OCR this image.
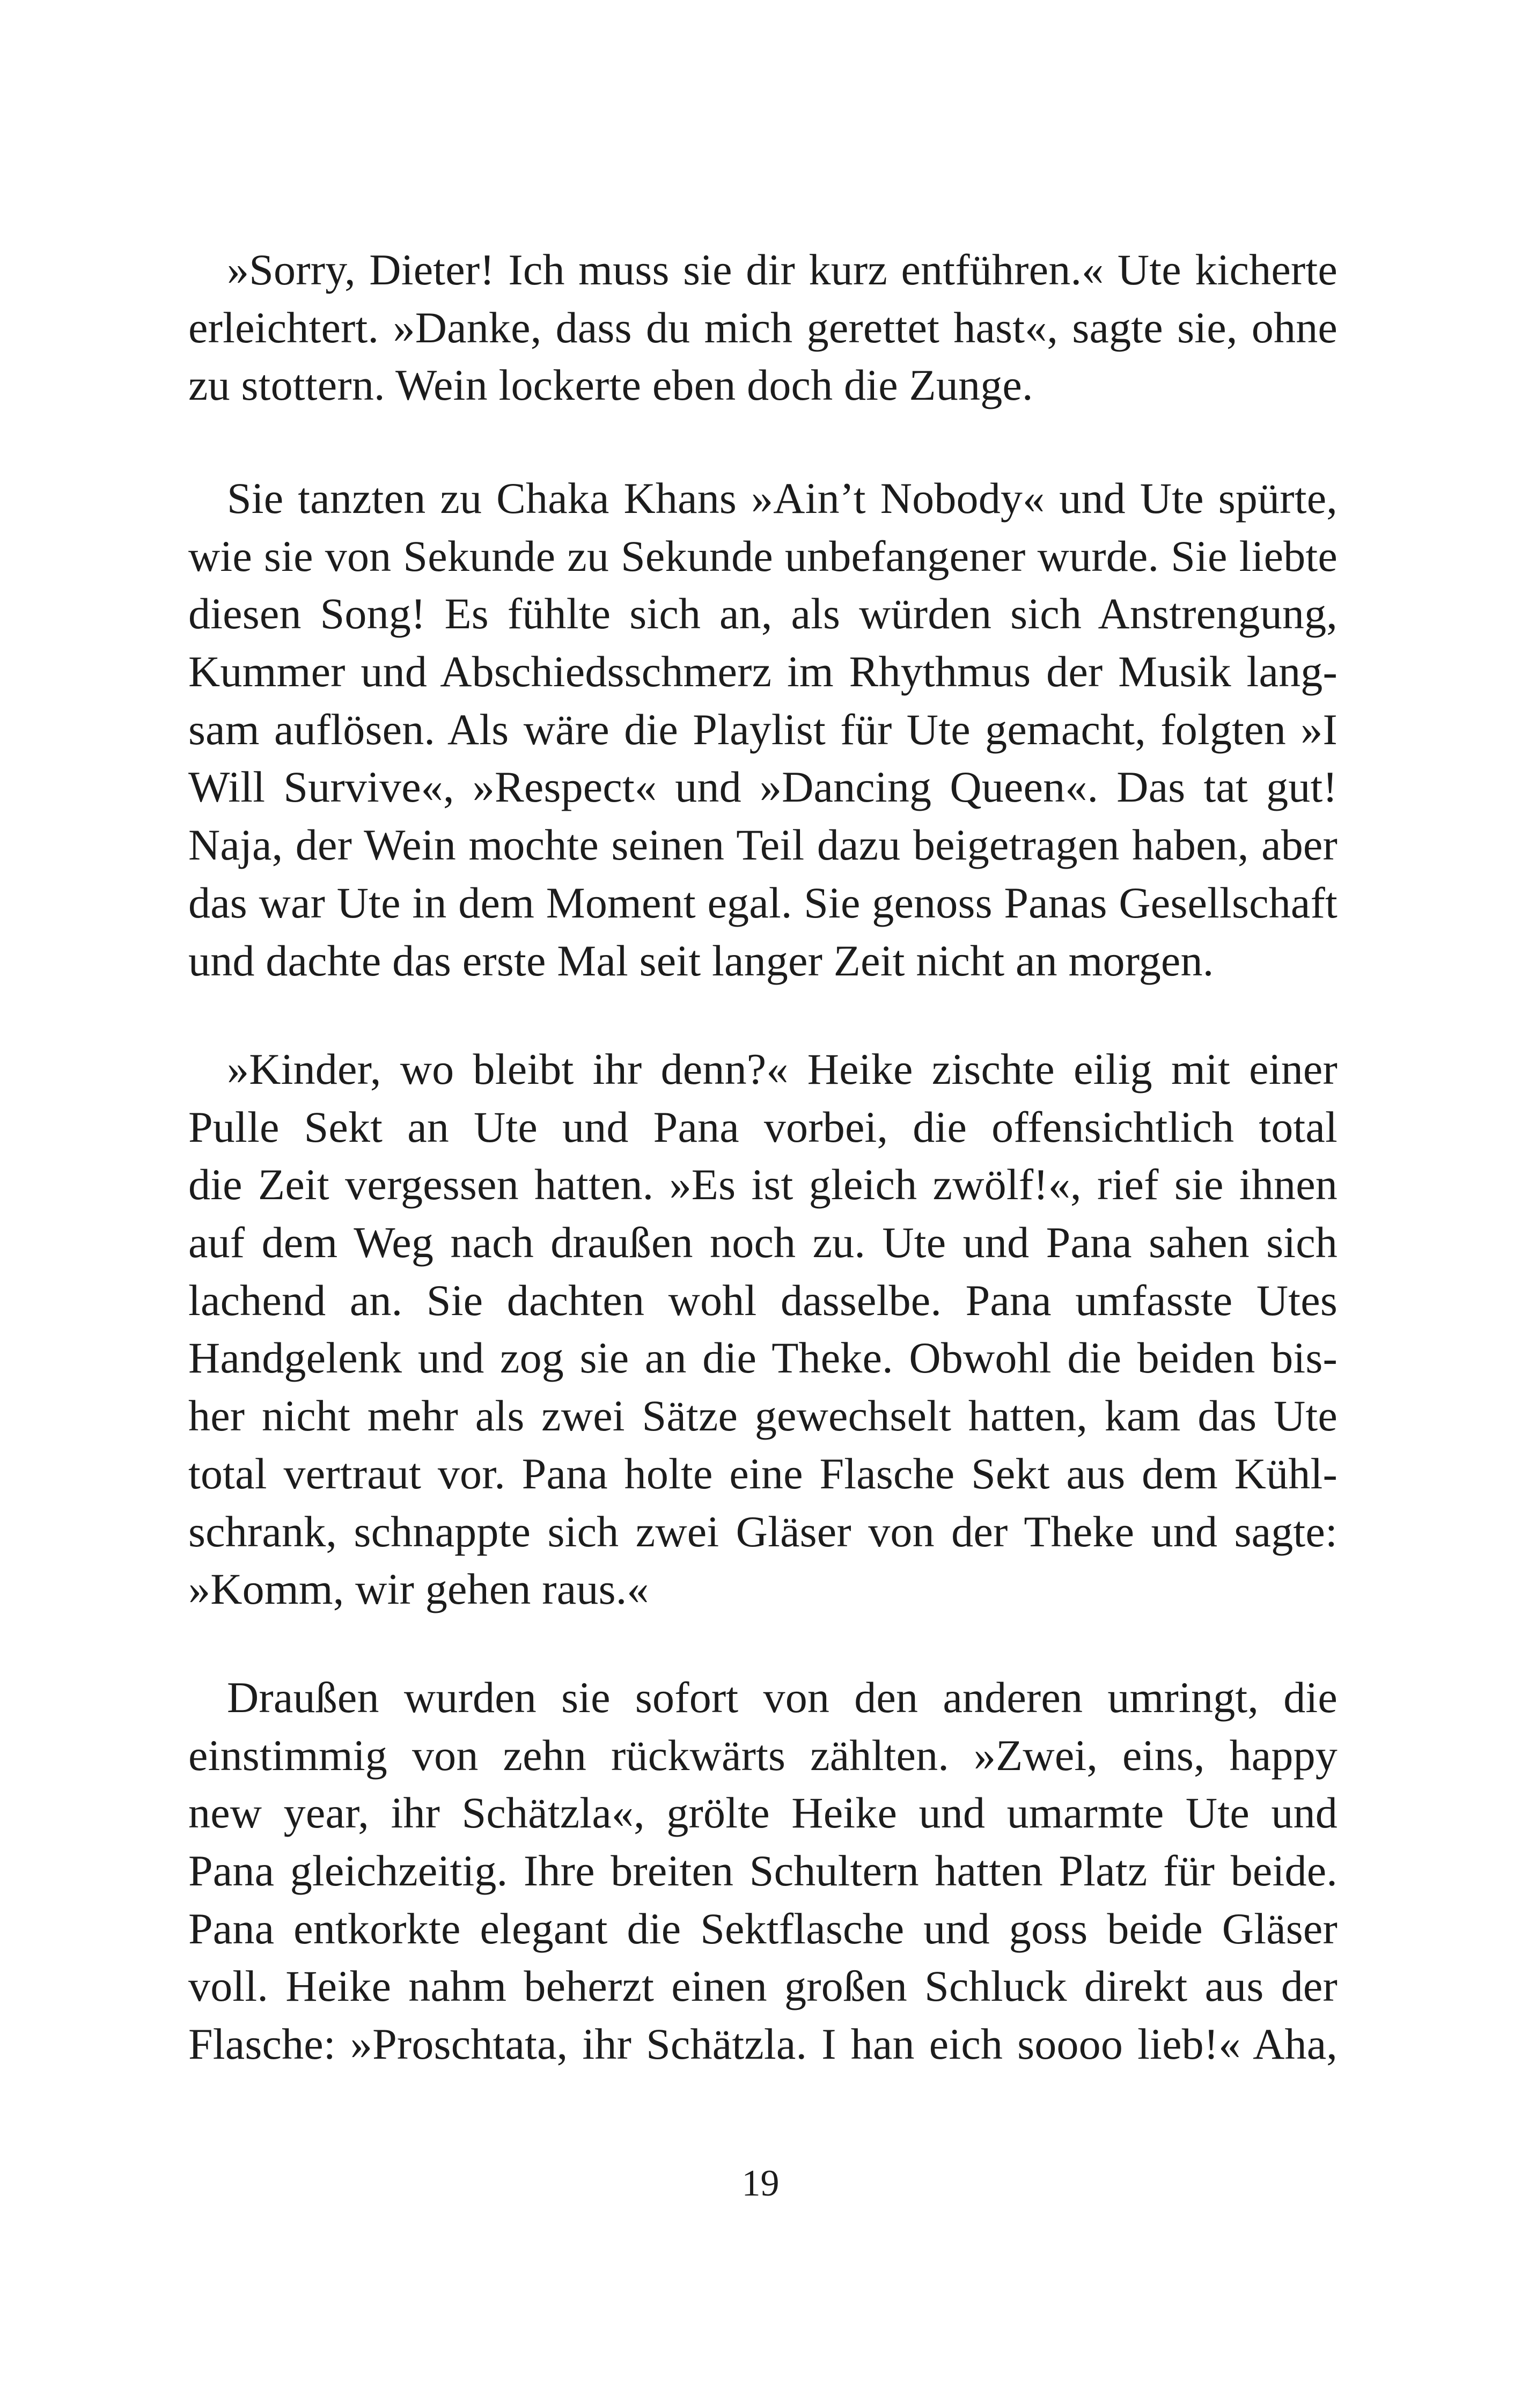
»Sorry, Dieter! Ich muss sie dir kurz entführen.« Ute kicherte
erleichtert. »Danke, dass du mich gerettet hast«, sagte sie, ohne
zu stottern. Wein lockerte eben doch die Zunge.
Sie tanzten zu Chaka Khans »Ain’t Nobody« und Ute spürte,
wie sie von Sekunde zu Sekunde unbefangener wurde. Sie liebte
diesen Song! Es fühlte sich an, als würden sich Anstrengung,
Kummer und Abschiedsschmerz im Rhythmus der Musik lang-
sam auflösen. Als wäre die Playlist für Ute gemacht, folgten »I
Will Survive«, »Respect« und »Dancing Queen«. Das tat gut!
Naja, der Wein mochte seinen Teil dazu beigetragen haben, aber
das war Ute in dem Moment egal. Sie genoss Panas Gesellschaft
und dachte das erste Mal seit langer Zeit nicht an morgen.
»Kinder, wo bleibt ihr denn?« Heike zischte eilig mit einer
Pulle Sekt an Ute und Pana vorbei, die offensichtlich total
die Zeit vergessen hatten. »Es ist gleich zwölf!«, rief sie ihnen
auf dem Weg nach draußen noch zu. Ute und Pana sahen sich
lachend an. Sie dachten wohl dasselbe. Pana umfasste Utes
Handgelenk und zog sie an die Theke. Obwohl die beiden bis-
her nicht mehr als zwei Sätze gewechselt hatten, kam das Ute
total vertraut vor. Pana holte eine Flasche Sekt aus dem Kühl-
schrank, schnappte sich zwei Gläser von der Theke und sagte:
»Komm, wir gehen raus.«
Draußen wurden sie sofort von den anderen umringt, die
einstimmig von zehn rückwärts zählten. »Zwei, eins, happy
new year, ihr Schätzla«, grölte Heike und umarmte Ute und
Pana gleichzeitig. Ihre breiten Schultern hatten Platz für beide.
Pana entkorkte elegant die Sektflasche und goss beide Gläser
voll. Heike nahm beherzt einen großen Schluck direkt aus der
Flasche: »Proschtata, ihr Schätzla. I han eich soooo lieb!« Aha,
19
